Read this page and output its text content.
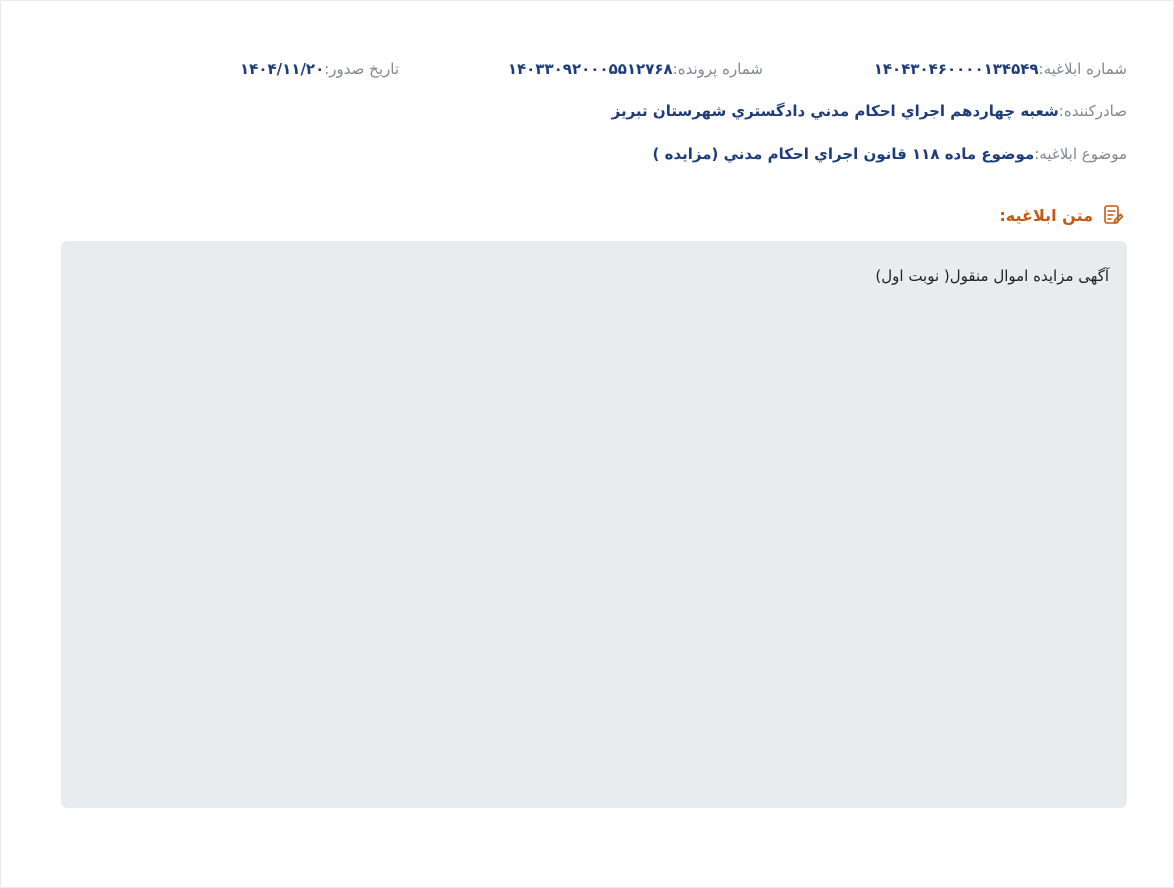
شماره ابلاغیه:
۱۴۰۴۳۰۴۶۰۰۰۰۱۳۴۵۴۹
شماره پرونده:
۱۴۰۳۳۰۹۲۰۰۰۵۵۱۲۷۶۸
تاریخ صدور:
۱۴۰۴/۱۱/۲۰
صادرکننده:
شعبه چهاردهم اجراي احکام مدني دادگستري شهرستان تبريز
موضوع ابلاغیه:
موضوع ماده ۱۱۸ قانون اجراي احکام مدني (مزايده )
متن ابلاغیه:

آگهی مزایده اموال منقول( نوبت اول)
